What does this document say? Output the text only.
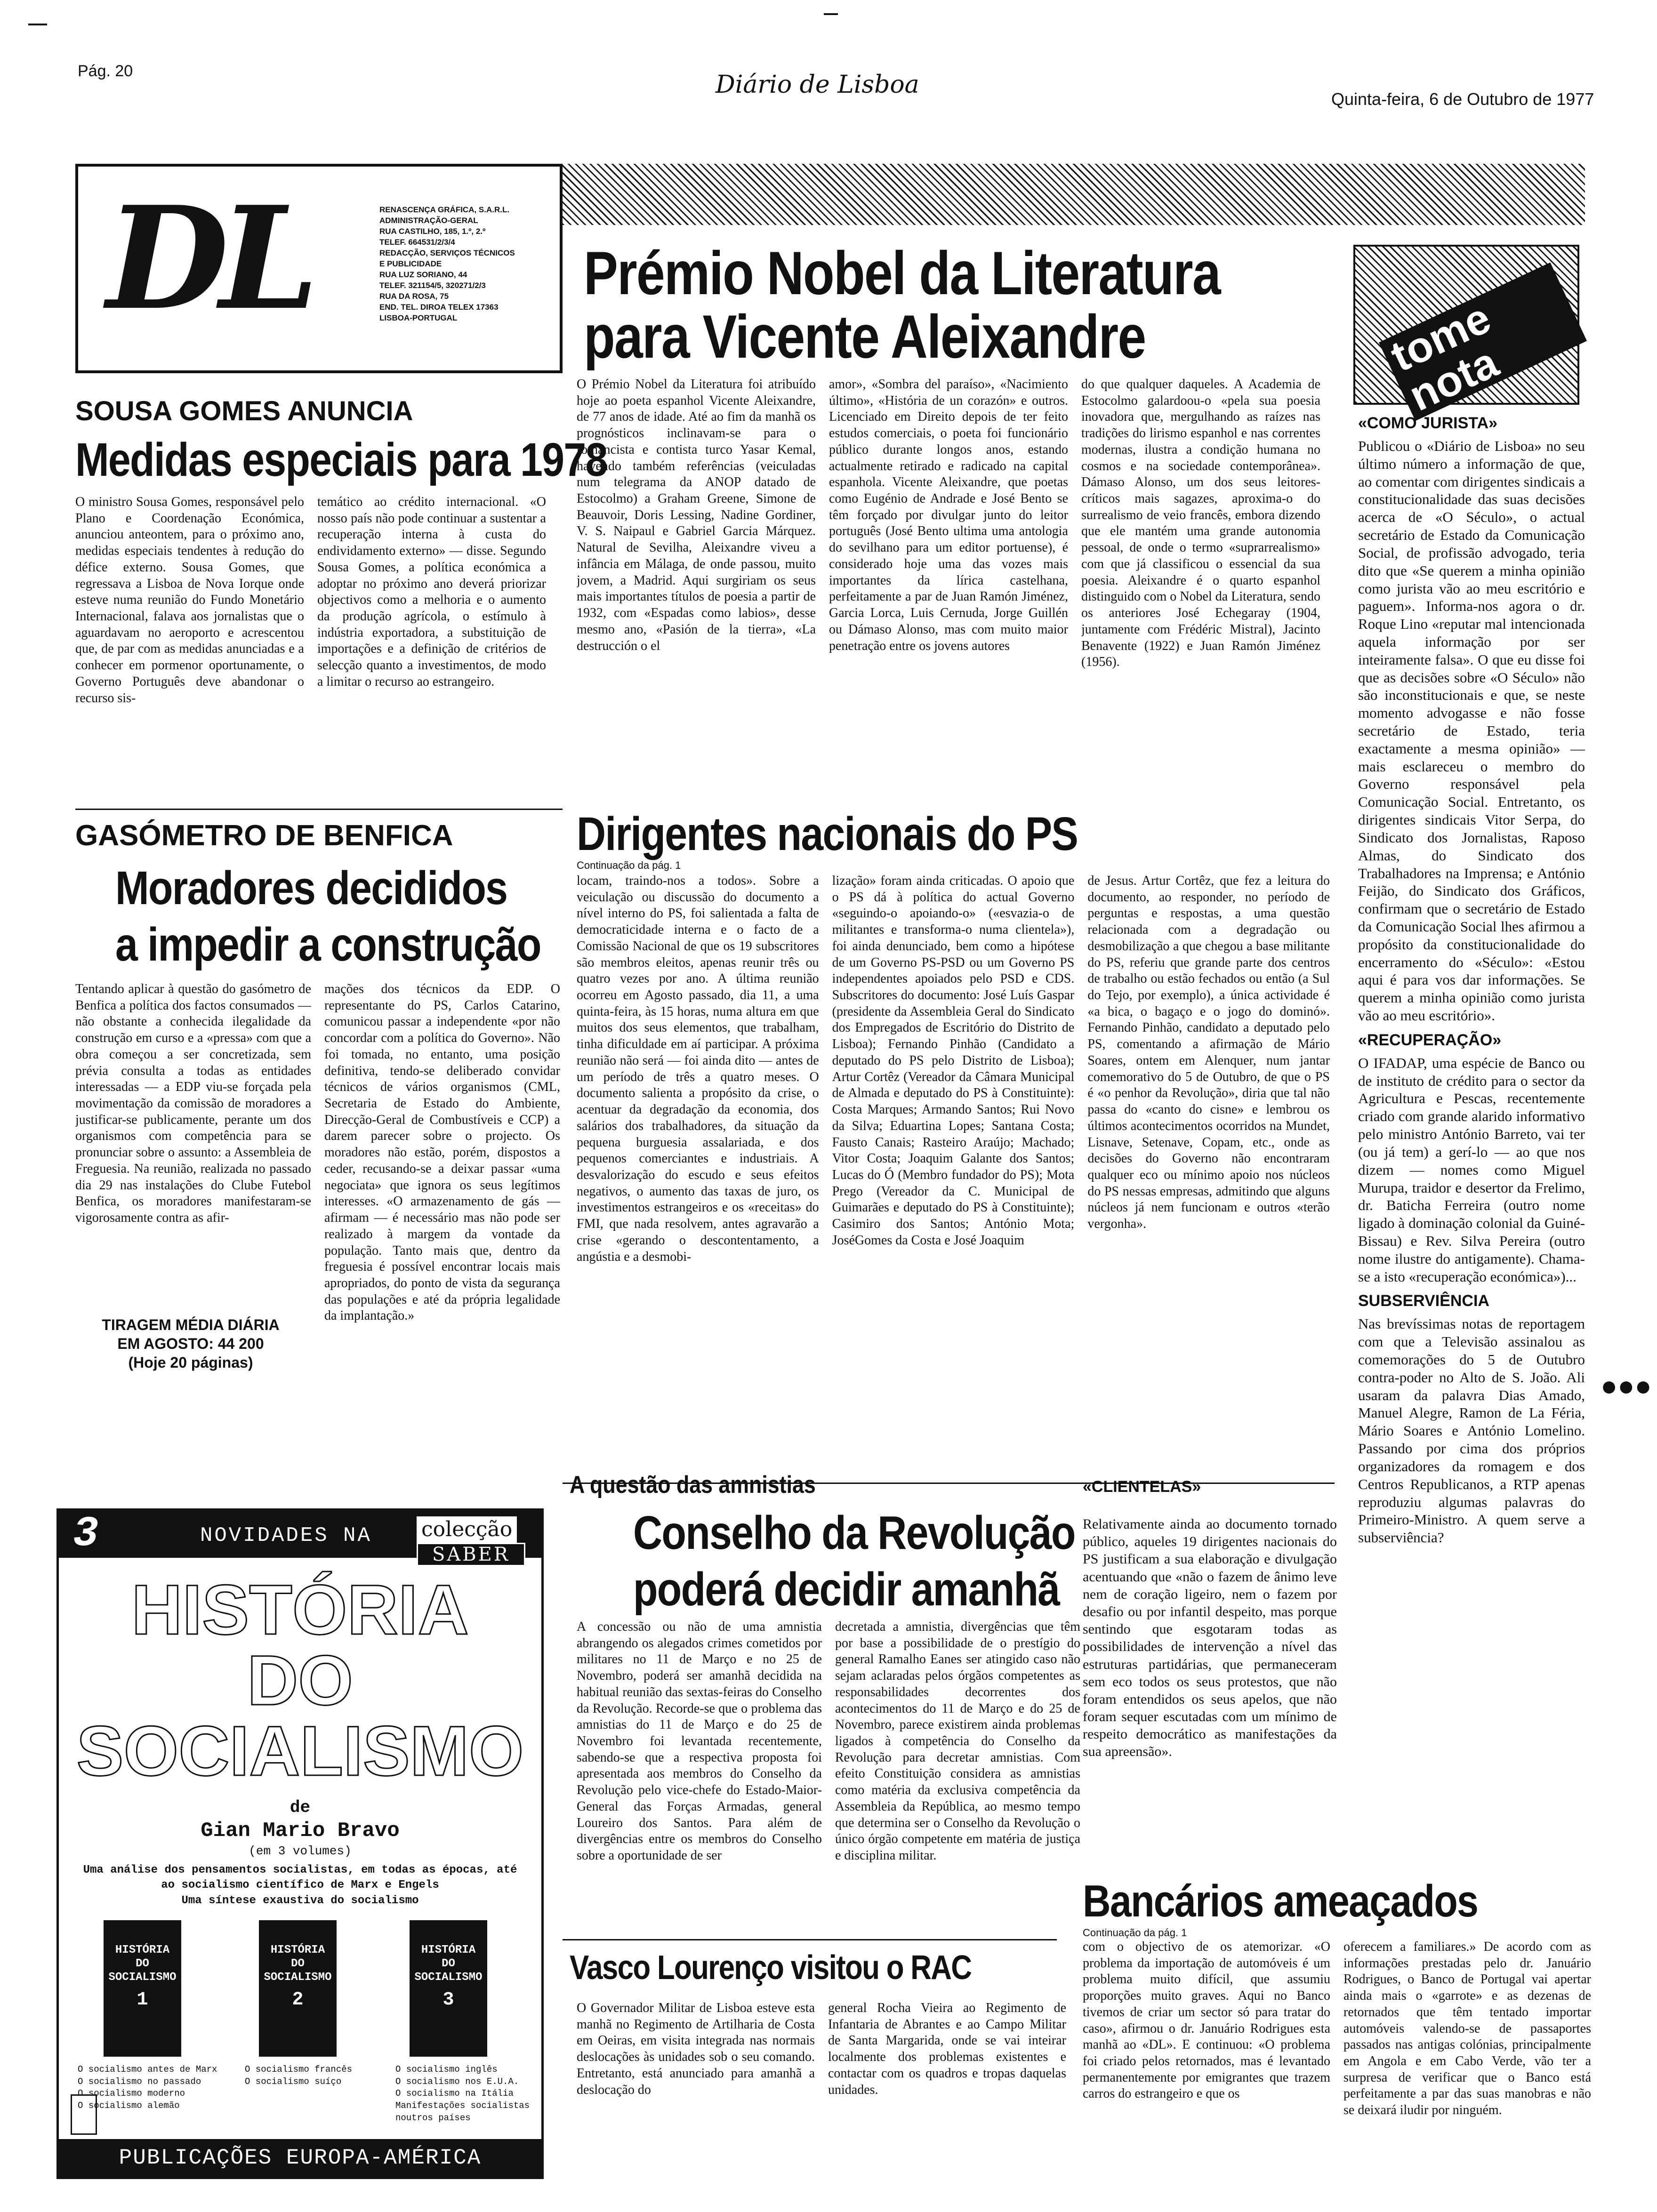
Pág. 20	Diário de Lisboa
Quinta-feira, 6 de Outubro de 1977
DL	RENASCENÇA GRÁFICA, S.A.R.L.
ADMINISTRAÇÃO-GERAL
RUA CASTILHO, 185, 1.º, 2.º
TELEF. 664531/2/3/4
REDACÇÃO, SERVIÇOS TÉCNICOS
E PUBLICIDADE
RUA LUZ SORIANO, 44
TELEF. 321154/5, 320271/2/3
RUA DA ROSA, 75
END. TEL. DIROA TELEX 17363
LISBOA-PORTUGAL
SOUSA GOMES ANUNCIA
Medidas especiais para 1978

O ministro Sousa Gomes, responsável pelo Plano e Coordenação Económica, anunciou anteontem, para o próximo ano, medidas especiais tendentes à redução do défice externo. Sousa Gomes, que regressava a Lisboa de Nova Iorque onde esteve numa reunião do Fundo Monetário Internacional, falava aos jornalistas que o aguardavam no aeroporto e acrescentou que, de par com as medidas anunciadas e a conhecer em pormenor oportunamente, o Governo Português deve abandonar o recurso sis-

temático ao crédito internacional. «O nosso país não pode continuar a sustentar a recuperação interna à custa do endividamento externo» — disse. Segundo Sousa Gomes, a política económica a adoptar no próximo ano deverá priorizar objectivos como a melhoria e o aumento da produção agrícola, o estímulo à indústria exportadora, a substituição de importações e a definição de critérios de selecção quanto a investimentos, de modo a limitar o recurso ao estrangeiro.

Prémio Nobel da Literatura
para Vicente Aleixandre

O Prémio Nobel da Literatura foi atribuído hoje ao poeta espanhol Vicente Aleixandre, de 77 anos de idade. Até ao fim da manhã os prognósticos inclinavam-se para o romancista e contista turco Yasar Kemal, havendo também referências (veiculadas num telegrama da ANOP datado de Estocolmo) a Graham Greene, Simone de Beauvoir, Doris Lessing, Nadine Gordiner, V. S. Naipaul e Gabriel Garcia Márquez. Natural de Sevilha, Aleixandre viveu a infância em Málaga, de onde passou, muito jovem, a Madrid. Aqui surgiriam os seus mais importantes títulos de poesia a partir de 1932, com «Espadas como labios», desse mesmo ano, «Pasión de la tierra», «La destrucción o el

amor», «Sombra del paraíso», «Nacimiento último», «História de un corazón» e outros. Licenciado em Direito depois de ter feito estudos comerciais, o poeta foi funcionário público durante longos anos, estando actualmente retirado e radicado na capital espanhola. Vicente Aleixandre, que poetas como Eugénio de Andrade e José Bento se têm forçado por divulgar junto do leitor português (José Bento ultima uma antologia do sevilhano para um editor portuense), é considerado hoje uma das vozes mais importantes da lírica castelhana, perfeitamente a par de Juan Ramón Jiménez, Garcia Lorca, Luis Cernuda, Jorge Guillén ou Dámaso Alonso, mas com muito maior penetração entre os jovens autores

do que qualquer daqueles. A Academia de Estocolmo galardoou-o «pela sua poesia inovadora que, mergulhando as raízes nas tradições do lirismo espanhol e nas correntes modernas, ilustra a condição humana no cosmos e na sociedade contemporânea». Dámaso Alonso, um dos seus leitores-críticos mais sagazes, aproxima-o do surrealismo de veio francês, embora dizendo que ele mantém uma grande autonomia pessoal, de onde o termo «suprarrealismo» com que já classificou o essencial da sua poesia. Aleixandre é o quarto espanhol distinguido com o Nobel da Literatura, sendo os anteriores José Echegaray (1904, juntamente com Frédéric Mistral), Jacinto Benavente (1922) e Juan Ramón Jiménez (1956).

tome nota
«COMO JURISTA»

Publicou o «Diário de Lisboa» no seu último número a informação de que, ao comentar com dirigentes sindicais a constitucionalidade das suas decisões acerca de «O Século», o actual secretário de Estado da Comunicação Social, de profissão advogado, teria dito que «Se querem a minha opinião como jurista vão ao meu escritório e paguem». Informa-nos agora o dr. Roque Lino «reputar mal intencionada aquela informação por ser inteiramente falsa». O que eu disse foi que as decisões sobre «O Século» não são inconstitucionais e que, se neste momento advogasse e não fosse secretário de Estado, teria exactamente a mesma opinião» — mais esclareceu o membro do Governo responsável pela Comunicação Social. Entretanto, os dirigentes sindicais Vitor Serpa, do Sindicato dos Jornalistas, Raposo Almas, do Sindicato dos Trabalhadores na Imprensa; e António Feijão, do Sindicato dos Gráficos, confirmam que o secretário de Estado da Comunicação Social lhes afirmou a propósito da constitucionalidade do encerramento do «Século»: «Estou aqui é para vos dar informações. Se querem a minha opinião como jurista vão ao meu escritório».

«RECUPERAÇÃO»

O IFADAP, uma espécie de Banco ou de instituto de crédito para o sector da Agricultura e Pescas, recentemente criado com grande alarido informativo pelo ministro António Barreto, vai ter (ou já tem) a gerí-lo — ao que nos dizem — nomes como Miguel Murupa, traidor e desertor da Frelimo, dr. Baticha Ferreira (outro nome ligado à dominação colonial da Guiné-Bissau) e Rev. Silva Pereira (outro nome ilustre do antigamente). Chama-se a isto «recuperação económica»)...

SUBSERVIÊNCIA

Nas brevíssimas notas de reportagem com que a Televisão assinalou as comemorações do 5 de Outubro contra-poder no Alto de S. João. Ali usaram da palavra Dias Amado, Manuel Alegre, Ramon de La Féria, Mário Soares e António Lomelino. Passando por cima dos próprios organizadores da romagem e dos Centros Republicanos, a RTP apenas reproduziu algumas palavras do Primeiro-Ministro. A quem serve a subserviência?

●●●
GASÓMETRO DE BENFICA
Moradores decididos
a impedir a construção

Tentando aplicar à questão do gasómetro de Benfica a política dos factos consumados — não obstante a conhecida ilegalidade da construção em curso e a «pressa» com que a obra começou a ser concretizada, sem prévia consulta a todas as entidades interessadas — a EDP viu-se forçada pela movimentação da comissão de moradores a justificar-se publicamente, perante um dos organismos com competência para se pronunciar sobre o assunto: a Assembleia de Freguesia. Na reunião, realizada no passado dia 29 nas instalações do Clube Futebol Benfica, os moradores manifestaram-se vigorosamente contra as afir-

mações dos técnicos da EDP. O representante do PS, Carlos Catarino, comunicou passar a independente «por não concordar com a política do Governo». Não foi tomada, no entanto, uma posição definitiva, tendo-se deliberado convidar técnicos de vários organismos (CML, Secretaria de Estado do Ambiente, Direcção-Geral de Combustíveis e CCP) a darem parecer sobre o projecto. Os moradores não estão, porém, dispostos a ceder, recusando-se a deixar passar «uma negociata» que ignora os seus legítimos interesses. «O armazenamento de gás — afirmam — é necessário mas não pode ser realizado à margem da vontade da população. Tanto mais que, dentro da freguesia é possível encontrar locais mais apropriados, do ponto de vista da segurança das populações e até da própria legalidade da implantação.»

TIRAGEM MÉDIA DIÁRIA
EM AGOSTO: 44 200
(Hoje 20 páginas)
3	NOVIDADES NA colecção
SABER
HISTÓRIA
DO
SOCIALISMO
de
Gian Mario Bravo
(em 3 volumes)
Uma análise dos pensamentos socialistas, em todas as épocas, até
ao socialismo científico de Marx e Engels
Uma síntese exaustiva do socialismo
HISTÓRIA
DO
SOCIALISMO
1
HISTÓRIA
DO
SOCIALISMO
2
HISTÓRIA
DO
SOCIALISMO
3
O socialismo antes de Marx
O socialismo no passado
O socialismo moderno
O socialismo alemão
O socialismo francês
O socialismo suíço
O socialismo inglês
O socialismo nos E.U.A.
O socialismo na Itália
Manifestações socialistas
noutros países
PUBLICAÇÕES EUROPA-AMÉRICA
Dirigentes nacionais do PS
Continuação da pág. 1

locam, traindo-nos a todos». Sobre a veiculação ou discussão do documento a nível interno do PS, foi salientada a falta de democraticidade interna e o facto de a Comissão Nacional de que os 19 subscritores são membros eleitos, apenas reunir três ou quatro vezes por ano. A última reunião ocorreu em Agosto passado, dia 11, a uma quinta-feira, às 15 horas, numa altura em que muitos dos seus elementos, que trabalham, tinha dificuldade em aí participar. A próxima reunião não será — foi ainda dito — antes de um período de três a quatro meses. O documento salienta a propósito da crise, o acentuar da degradação da economia, dos salários dos trabalhadores, da situação da pequena burguesia assalariada, e dos pequenos comerciantes e industriais. A desvalorização do escudo e seus efeitos negativos, o aumento das taxas de juro, os investimentos estrangeiros e os «receitas» do FMI, que nada resolvem, antes agravarão a crise «gerando o descontentamento, a angústia e a desmobi-

lização» foram ainda criticadas. O apoio que o PS dá à política do actual Governo «seguindo-o apoiando-o» («esvazia-o de militantes e transforma-o numa clientela»), foi ainda denunciado, bem como a hipótese de um Governo PS-PSD ou um Governo PS independentes apoiados pelo PSD e CDS. Subscritores do documento: José Luís Gaspar (presidente da Assembleia Geral do Sindicato dos Empregados de Escritório do Distrito de Lisboa); Fernando Pinhão (Candidato a deputado do PS pelo Distrito de Lisboa); Artur Cortêz (Vereador da Câmara Municipal de Almada e deputado do PS à Constituinte): Costa Marques; Armando Santos; Rui Novo da Silva; Eduartina Lopes; Santana Costa; Fausto Canais; Rasteiro Araújo; Machado; Vitor Costa; Joaquim Galante dos Santos; Lucas do Ó (Membro fundador do PS); Mota Prego (Vereador da C. Municipal de Guimarães e deputado do PS à Constituinte); Casimiro dos Santos; António Mota; JoséGomes da Costa e José Joaquim

de Jesus. Artur Cortêz, que fez a leitura do documento, ao responder, no período de perguntas e respostas, a uma questão relacionada com a degradação ou desmobilização a que chegou a base militante do PS, referiu que grande parte dos centros de trabalho ou estão fechados ou então (a Sul do Tejo, por exemplo), a única actividade é «a bica, o bagaço e o jogo do dominó». Fernando Pinhão, candidato a deputado pelo PS, comentando a afirmação de Mário Soares, ontem em Alenquer, num jantar comemorativo do 5 de Outubro, de que o PS é «o penhor da Revolução», diria que tal não passa do «canto do cisne» e lembrou os últimos acontecimentos ocorridos na Mundet, Lisnave, Setenave, Copam, etc., onde as decisões do Governo não encontraram qualquer eco ou mínimo apoio nos núcleos do PS nessas empresas, admitindo que alguns núcleos já nem funcionam e outros «terão vergonha».

A questão das amnistias
Conselho da Revolução
poderá decidir amanhã

A concessão ou não de uma amnistia abrangendo os alegados crimes cometidos por militares no 11 de Março e no 25 de Novembro, poderá ser amanhã decidida na habitual reunião das sextas-feiras do Conselho da Revolução. Recorde-se que o problema das amnistias do 11 de Março e do 25 de Novembro foi levantada recentemente, sabendo-se que a respectiva proposta foi apresentada aos membros do Conselho da Revolução pelo vice-chefe do Estado-Maior-General das Forças Armadas, general Loureiro dos Santos. Para além de divergências entre os membros do Conselho sobre a oportunidade de ser

decretada a amnistia, divergências que têm por base a possibilidade de o prestígio do general Ramalho Eanes ser atingido caso não sejam aclaradas pelos órgãos competentes as responsabilidades decorrentes dos acontecimentos do 11 de Março e do 25 de Novembro, parece existirem ainda problemas ligados à competência do Conselho da Revolução para decretar amnistias. Com efeito Constituição considera as amnistias como matéria da exclusiva competência da Assembleia da República, ao mesmo tempo que determina ser o Conselho da Revolução o único órgão competente em matéria de justiça e disciplina militar.

«CLIENTELAS»

Relativamente ainda ao documento tornado público, aqueles 19 dirigentes nacionais do PS justificam a sua elaboração e divulgação acentuando que «não o fazem de ânimo leve nem de coração ligeiro, nem o fazem por desafio ou por infantil despeito, mas porque sentindo que esgotaram todas as possibilidades de intervenção a nível das estruturas partidárias, que permaneceram sem eco todos os seus protestos, que não foram entendidos os seus apelos, que não foram sequer escutadas com um mínimo de respeito democrático as manifestações da sua apreensão».

Vasco Lourenço visitou o RAC

O Governador Militar de Lisboa esteve esta manhã no Regimento de Artilharia de Costa em Oeiras, em visita integrada nas normais deslocações às unidades sob o seu comando. Entretanto, está anunciado para amanhã a deslocação do

general Rocha Vieira ao Regimento de Infantaria de Abrantes e ao Campo Militar de Santa Margarida, onde se vai inteirar localmente dos problemas existentes e contactar com os quadros e tropas daquelas unidades.

Bancários ameaçados
Continuação da pág. 1

com o objectivo de os atemorizar. «O problema da importação de automóveis é um problema muito difícil, que assumiu proporções muito graves. Aqui no Banco tivemos de criar um sector só para tratar do caso», afirmou o dr. Januário Rodrigues esta manhã ao «DL». E continuou: «O problema foi criado pelos retornados, mas é levantado permanentemente por emigrantes que trazem carros do estrangeiro e que os

oferecem a familiares.» De acordo com as informações prestadas pelo dr. Januário Rodrigues, o Banco de Portugal vai apertar ainda mais o «garrote» e as dezenas de retornados que têm tentado importar automóveis valendo-se de passaportes passados nas antigas colónias, principalmente em Angola e em Cabo Verde, vão ter a surpresa de verificar que o Banco está perfeitamente a par das suas manobras e não se deixará iludir por ninguém.
